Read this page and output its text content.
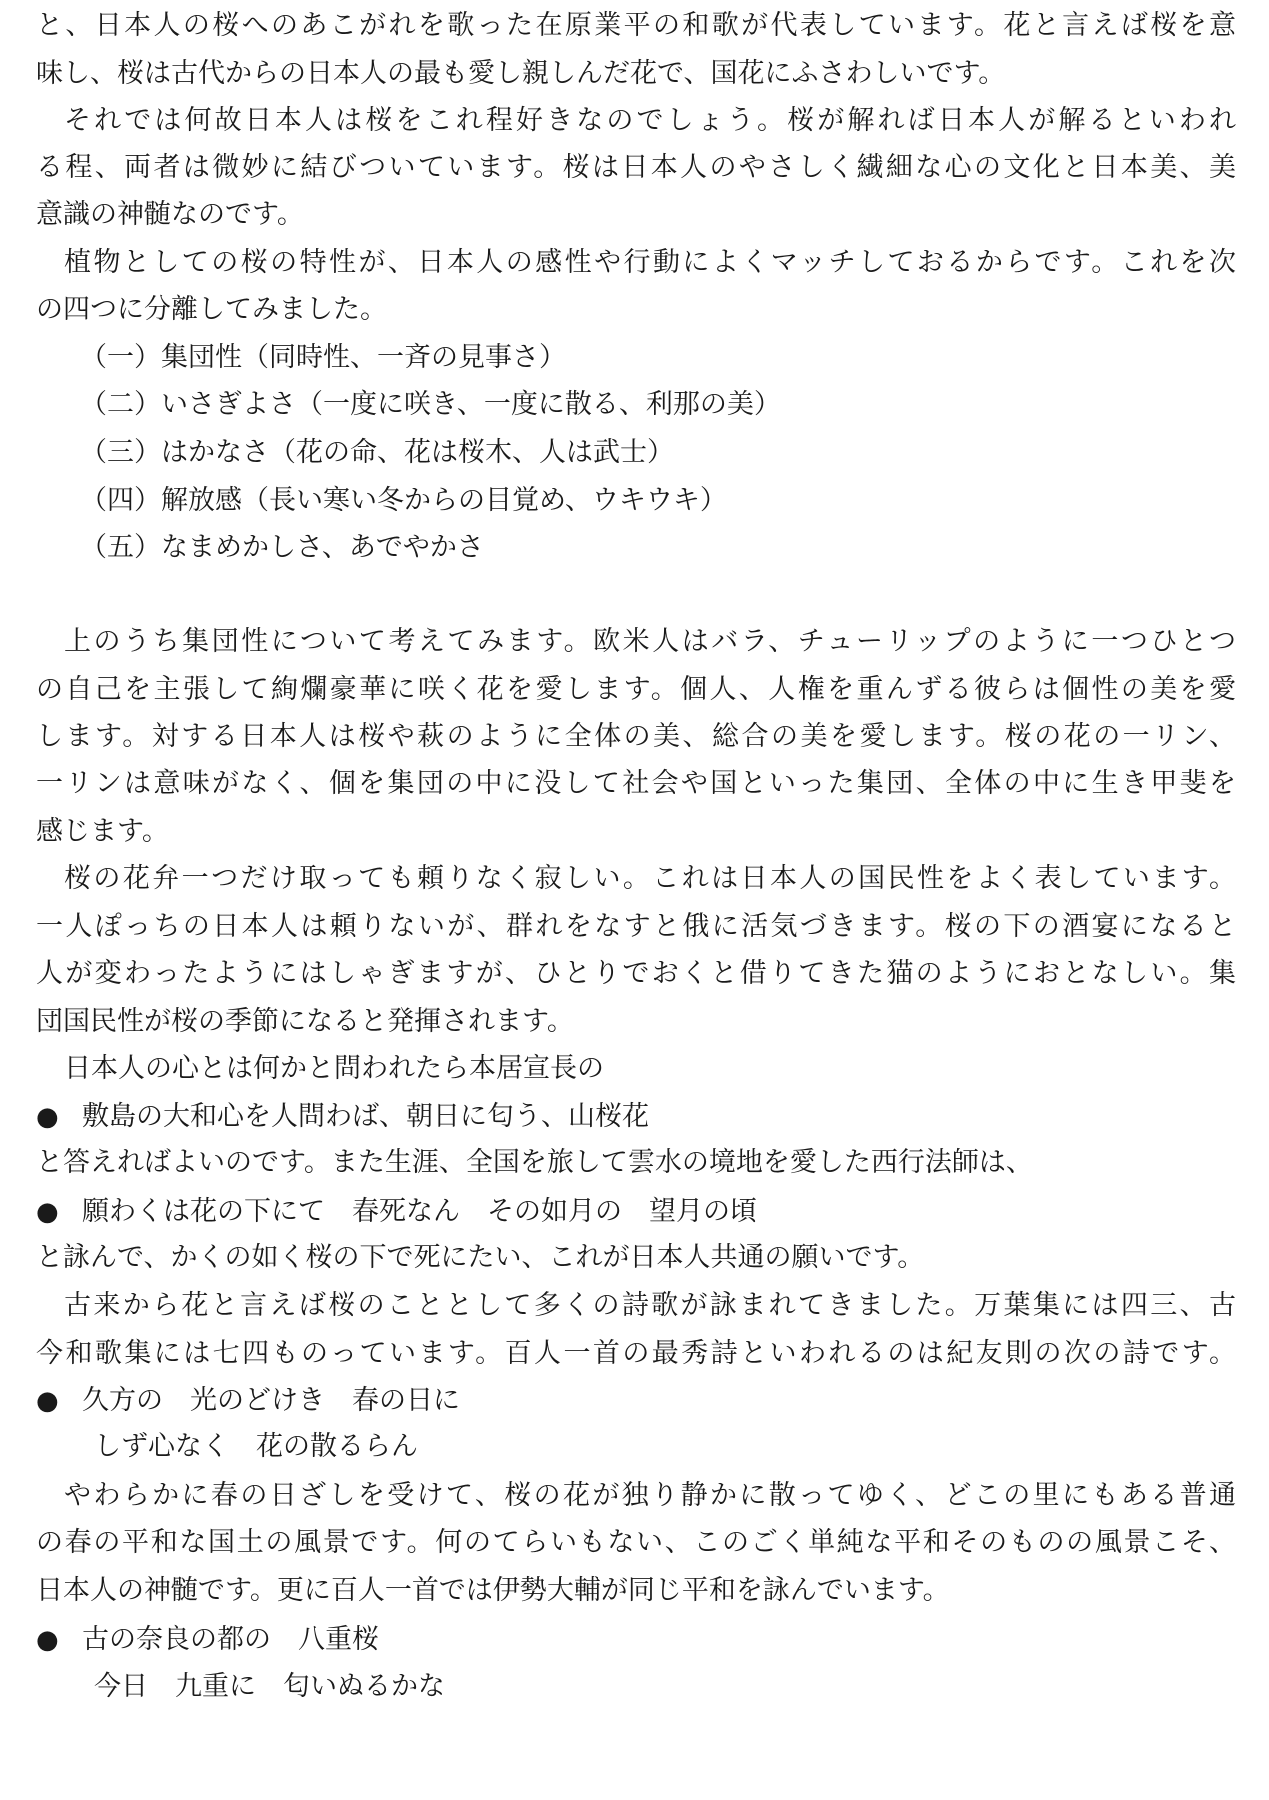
と、日本人の桜へのあこがれを歌った在原業平の和歌が代表しています。花と言えば桜を意
味し、桜は古代からの日本人の最も愛し親しんだ花で、国花にふさわしいです。
それでは何故日本人は桜をこれ程好きなのでしょう。桜が解れば日本人が解るといわれ
る程、両者は微妙に結びついています。桜は日本人のやさしく繊細な心の文化と日本美、美
意識の神髄なのです。
植物としての桜の特性が、日本人の感性や行動によくマッチしておるからです。これを次
の四つに分離してみました。
（一）集団性（同時性、一斉の見事さ）
（二）いさぎよさ（一度に咲き、一度に散る、利那の美）
（三）はかなさ（花の命、花は桜木、人は武士）
（四）解放感（長い寒い冬からの目覚め、ウキウキ）
（五）なまめかしさ、あでやかさ
上のうち集団性について考えてみます。欧米人はバラ、チューリップのように一つひとつ
の自己を主張して絢爛豪華に咲く花を愛します。個人、人権を重んずる彼らは個性の美を愛
します。対する日本人は桜や萩のように全体の美、総合の美を愛します。桜の花の一リン、
一リンは意味がなく、個を集団の中に没して社会や国といった集団、全体の中に生き甲斐を
感じます。
桜の花弁一つだけ取っても頼りなく寂しい。これは日本人の国民性をよく表しています。
一人ぽっちの日本人は頼りないが、群れをなすと俄に活気づきます。桜の下の酒宴になると
人が変わったようにはしゃぎますが、ひとりでおくと借りてきた猫のようにおとなしい。集
団国民性が桜の季節になると発揮されます。
日本人の心とは何かと問われたら本居宣長の
● 敷島の大和心を人問わば、朝日に匂う、山桜花
と答えればよいのです。また生涯、全国を旅して雲水の境地を愛した西行法師は、
● 願わくは花の下にて　春死なん　その如月の　望月の頃
と詠んで、かくの如く桜の下で死にたい、これが日本人共通の願いです。
古来から花と言えば桜のこととして多くの詩歌が詠まれてきました。万葉集には四三、古
今和歌集には七四ものっています。百人一首の最秀詩といわれるのは紀友則の次の詩です。
● 久方の　光のどけき　春の日に
しず心なく　花の散るらん
やわらかに春の日ざしを受けて、桜の花が独り静かに散ってゆく、どこの里にもある普通
の春の平和な国土の風景です。何のてらいもない、このごく単純な平和そのものの風景こそ、
日本人の神髄です。更に百人一首では伊勢大輔が同じ平和を詠んでいます。
● 古の奈良の都の　八重桜
今日　九重に　匂いぬるかな
